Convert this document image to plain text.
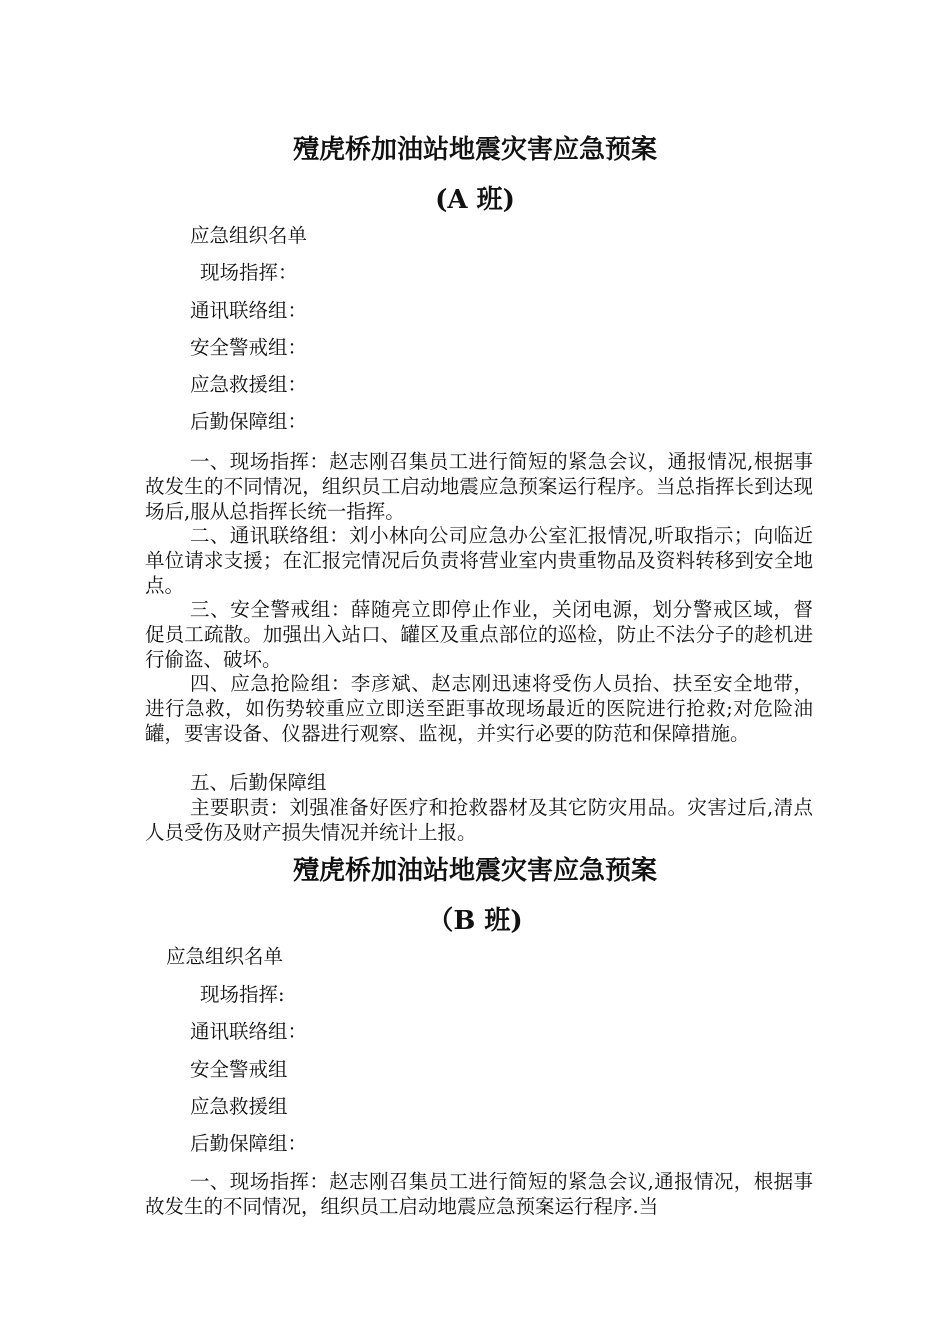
殪虎桥加油站地震灾害应急预案
(A 班)
应急组织名单
现场指挥：
通讯联络组：
安全警戒组：
应急救援组：
后勤保障组：

一、现场指挥：赵志刚召集员工进行简短的紧急会议，通报情况,根据事故发生的不同情况，组织员工启动地震应急预案运行程序。当总指挥长到达现场后,服从总指挥长统一指挥。

二、通讯联络组：刘小林向公司应急办公室汇报情况,听取指示；向临近单位请求支援；在汇报完情况后负责将营业室内贵重物品及资料转移到安全地点。

三、安全警戒组：薛随亮立即停止作业，关闭电源，划分警戒区域，督促员工疏散。加强出入站口、罐区及重点部位的巡检，防止不法分子的趁机进行偷盗、破坏。

四、应急抢险组：李彦斌、赵志刚迅速将受伤人员抬、扶至安全地带，进行急救，如伤势较重应立即送至距事故现场最近的医院进行抢救;对危险油罐，要害设备、仪器进行观察、监视，并实行必要的防范和保障措施。

五、后勤保障组

主要职责：刘强准备好医疗和抢救器材及其它防灾用品。灾害过后,清点人员受伤及财产损失情况并统计上报。

殪虎桥加油站地震灾害应急预案
（B 班)
应急组织名单
现场指挥:
通讯联络组：
安全警戒组
应急救援组
后勤保障组：

一、现场指挥：赵志刚召集员工进行简短的紧急会议,通报情况，根据事故发生的不同情况，组织员工启动地震应急预案运行程序.当
